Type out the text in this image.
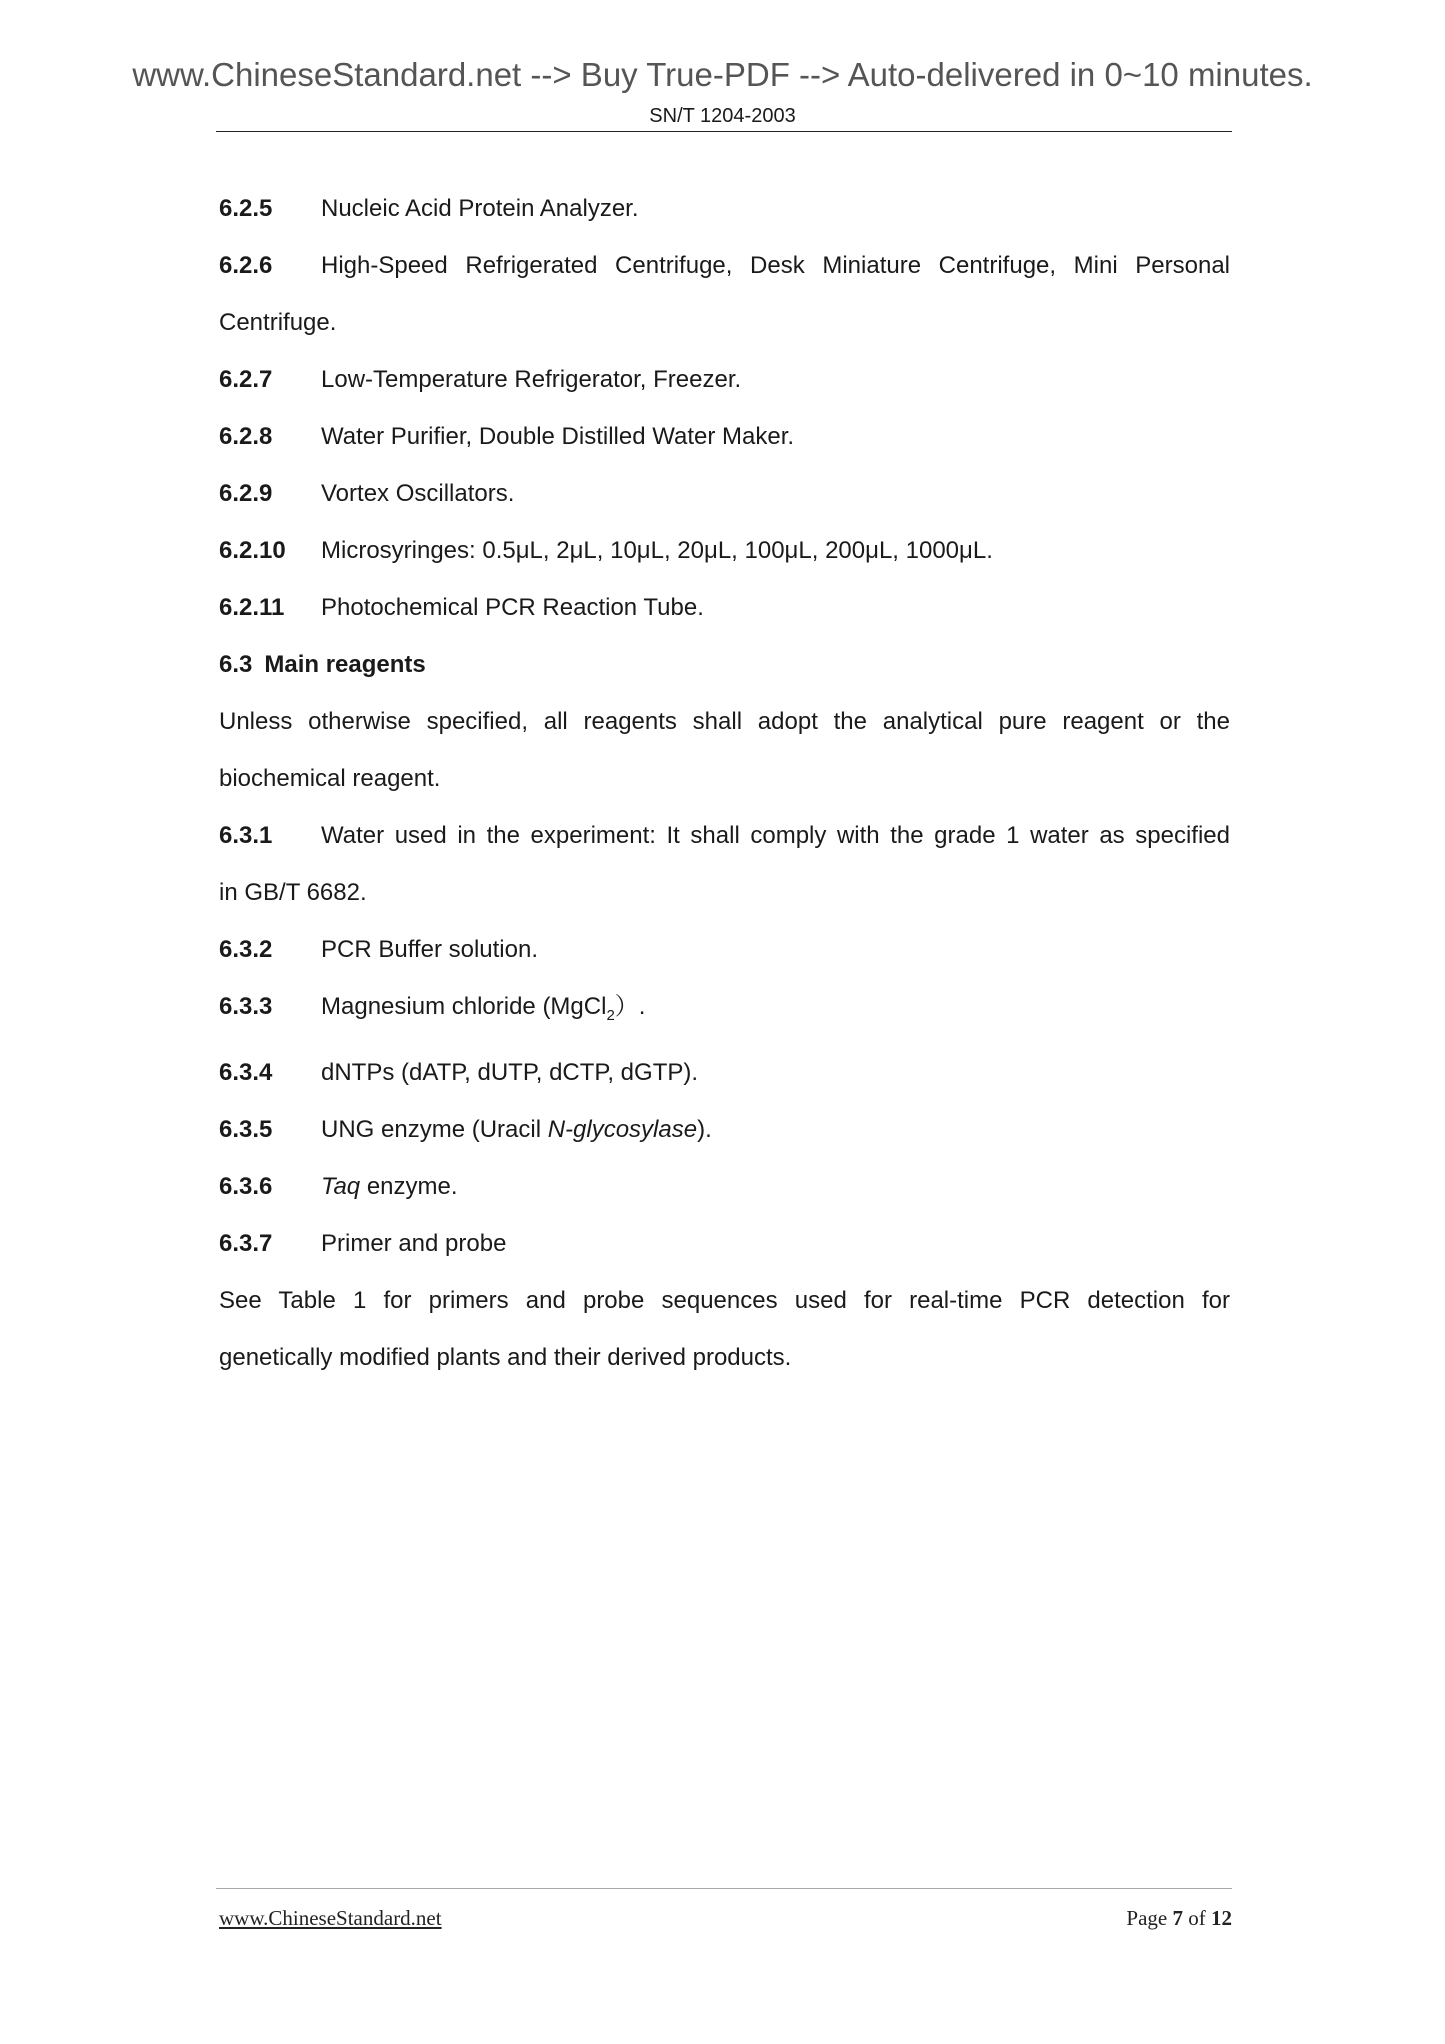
www.ChineseStandard.net --> Buy True-PDF --> Auto-delivered in 0~10 minutes.
SN/T 1204-2003
6.2.5	Nucleic Acid Protein Analyzer.
6.2.6	High-Speed Refrigerated Centrifuge, Desk Miniature Centrifuge, Mini Personal
Centrifuge.
6.2.7	Low-Temperature Refrigerator, Freezer.
6.2.8	Water Purifier, Double Distilled Water Maker.
6.2.9	Vortex Oscillators.
6.2.10	Microsyringes: 0.5μL, 2μL, 10μL, 20μL, 100μL, 200μL, 1000μL.
6.2.11	Photochemical PCR Reaction Tube.
6.3 Main reagents
Unless otherwise specified, all reagents shall adopt the analytical pure reagent or the
biochemical reagent.
6.3.1	Water used in the experiment: It shall comply with the grade 1 water as specified
in GB/T 6682.
6.3.2	PCR Buffer solution.
6.3.3	Magnesium chloride (MgCl$_2$）.
6.3.4	dNTPs (dATP, dUTP, dCTP, dGTP).
6.3.5	UNG enzyme (Uracil N-glycosylase).
6.3.6	Taq enzyme.
6.3.7	Primer and probe
See Table 1 for primers and probe sequences used for real-time PCR detection for
genetically modified plants and their derived products.
www.ChineseStandard.net	Page 7 of 12
